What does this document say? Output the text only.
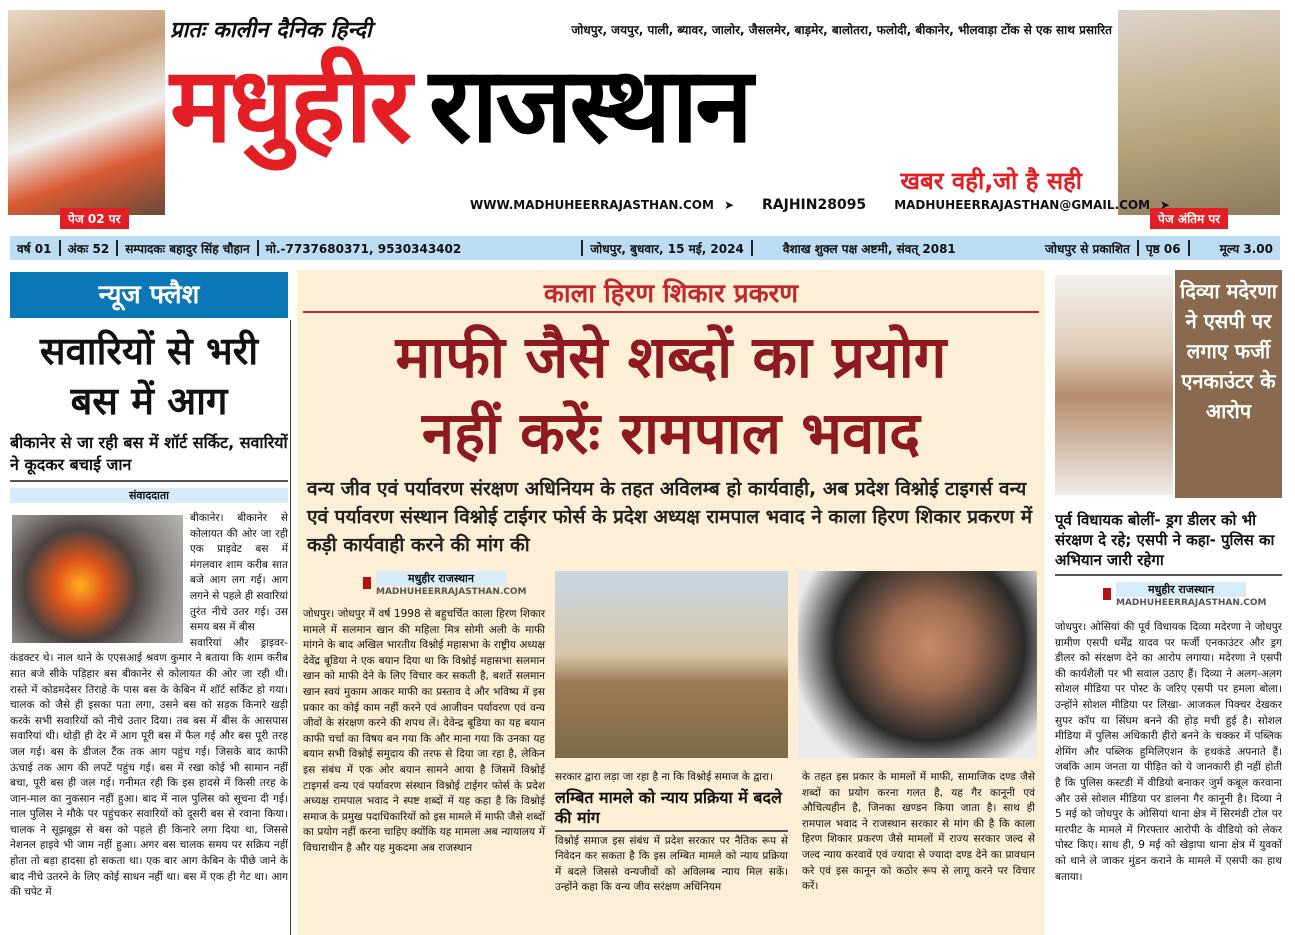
पेज 02 पर	पेज अंतिम पर
प्रातः कालीन दैनिक हिन्दी	जोधपुर, जयपुर, पाली, ब्यावर, जालोर, जैसलमेर, बाड़मेर, बालोतरा, फलोदी, बीकानेर, भीलवाड़ा टोंक से एक साथ प्रसारित
मधुहीर राजस्थान
खबर वही,जो है सही
WWW.MADHUHEERRAJASTHAN.COM ➤ RAJHIN28095 MADHUHEERRAJASTHAN@GMAIL.COM ➤
वर्ष 01	अंकः 52	सम्पादकः बहादुर सिंह चौहान	मो.-7737680371, 9530343402	जोधपुर, बुधवार, 15 मई, 2024	वैशाख शुक्ल पक्ष अष्टमी, संवत् 2081	जोधपुर से प्रकाशित	पृष्ठ 06	मूल्य 3.00
न्यूज फ्लैश
सवारियों से भरी बस में आग
बीकानेर से जा रही बस में शॉर्ट सर्किट, सवारियों ने कूदकर बचाई जान
संवाददाता

बीकानेर। बीकानेर से कोलायत की ओर जा रही एक प्राइवेट बस में मंगलवार शाम करीब सात बजे आग लग गई। आग लगने से पहले ही सवारियां तुरंत नीचे उतर गई। उस समय बस में बीस

सवारियां और ड्राइवर-कंडक्टर थे। नाल थाने के एएसआई श्रवण कुमार ने बताया कि शाम करीब सात बजे सीके पड़िहार बस बीकानेर से कोलायत की ओर जा रही थी। रास्ते में कोडमदेसर तिराहे के पास बस के केबिन में शॉर्ट सर्किट हो गया। चालक को जैसे ही इसका पता लगा, उसने बस को सड़क किनारे खड़ी करके सभी सवारियों को नीचे उतार दिया। तब बस में बीस के आसपास सवारियां थी। थोड़ी ही देर में आग पूरी बस में फैल गई और बस पूरी तरह जल गई। बस के डीजल टैंक तक आग पहुंच गई। जिसके बाद काफी ऊंचाई तक आग की लपटें पहुंच गई। बस में रखा कोई भी सामान नहीं बचा, पूरी बस ही जल गई। गनीमत रही कि इस हादसे में किसी तरह के जान-माल का नुकसान नहीं हुआ। बाद में नाल पुलिस को सूचना दी गई। नाल पुलिस ने मौके पर पहुंचकर सवारियों को दूसरी बस से रवाना किया। चालक ने सूझबूझ से बस को पहले ही किनारे लगा दिया था, जिससे नेशनल हाइवे भी जाम नहीं हुआ। अगर बस चालक समय पर सक्रिय नहीं होता तो बड़ा हादसा हो सकता था। एक बार आग केबिन के पीछे जाने के बाद नीचे उतरने के लिए कोई साधन नहीं था। बस में एक ही गेट था। आग की चपेट में

काला हिरण शिकार प्रकरण
माफी जैसे शब्दों का प्रयोग
नहीं करेंः रामपाल भवाद
वन्य जीव एवं पर्यावरण संरक्षण अधिनियम के तहत अविलम्ब हो कार्यवाही, अब प्रदेश विश्नोई टाइगर्स वन्य एवं पर्यावरण संस्थान विश्नोई टाईगर फोर्स के प्रदेश अध्यक्ष रामपाल भवाद ने काला हिरण शिकार प्रकरण में कड़ी कार्यवाही करने की मांग की
मधुहीर राजस्थान
MADHUHEERRAJASTHAN.COM

जोधपुर। जोधपुर में वर्ष 1998 से बहुचर्चित काला हिरण शिकार मामले में सलमान खान की महिला मित्र सोमी अली के माफी मांगने के बाद अखिल भारतीय विश्नोई महासभा के राष्ट्रीय अध्यक्ष देवेंद्र बूडिया ने एक बयान दिया था कि विश्नोई महासभा सलमान खान को माफी देने के लिए विचार कर सकती है, बशर्ते सलमान खान स्वयं मुकाम आकर माफी का प्रस्ताव दे और भविष्य में इस प्रकार का कोई काम नहीं करने एवं आजीवन पर्यावरण एवं वन्य जीवों के संरक्षण करने की शपथ लें। देवेन्द्र बूडिया का यह बयान काफी चर्चा का विषय बन गया कि और माना गया कि उनका यह बयान सभी विश्नोई समुदाय की तरफ से दिया जा रहा है, लेकिन इस संबंध में एक ओर बयान सामने आया है जिसमें विश्नोई टाइगर्स वन्य एवं पर्यावरण संस्थान विश्नोई टाईगर फोर्स के प्रदेश अध्यक्ष रामपाल भवाद ने स्पष्ट शब्दों में यह कहा है कि विश्नोई समाज के प्रमुख पदाधिकारियों को इस मामले में माफी जैसे शब्दों का प्रयोग नहीं करना चाहिए क्योंकि यह मामला अब न्यायालय में विचाराधीन है और यह मुकदमा अब राजस्थान

सरकार द्वारा लड़ा जा रहा है ना कि विश्नोई समाज के द्वारा।

लम्बित मामले को न्याय प्रक्रिया में बदले की मांग

विश्नोई समाज इस संबंध में प्रदेश सरकार पर नैतिक रूप से निवेदन कर सकता है कि इस लम्बित मामले को न्याय प्रक्रिया में बदले जिससे वन्यजीवों को अविलम्ब न्याय मिल सकें। उन्होंने कहा कि वन्य जीव सरंक्षण अधिनियम

के तहत इस प्रकार के मामलों में माफी, सामाजिक दण्ड जैसे शब्दों का प्रयोग करना गलत है, यह गैर कानूनी एवं औचित्यहीन है, जिनका खण्डन किया जाता है। साथ ही रामपाल भवाद ने राजस्थान सरकार से मांग की है कि काला हिरण शिकार प्रकरण जैसे मामलों में राज्य सरकार जल्द से जल्द न्याय करवावें एवं ज्यादा से ज्यादा दण्ड देने का प्रावधान करे एवं इस कानून को कठोर रूप से लागू करने पर विचार करें।

दिव्या मदेरणा ने एसपी पर लगाए फर्जी एनकाउंटर के आरोप
पूर्व विधायक बोलीं- ड्रग डीलर को भी संरक्षण दे रहे; एसपी ने कहा- पुलिस का अभियान जारी रहेगा
मधुहीर राजस्थान
MADHUHEERRAJASTHAN.COM

जोधपुर। ओसियां की पूर्व विधायक दिव्या मदेरणा ने जोधपुर ग्रामीण एसपी धर्मेंद्र यादव पर फर्जी एनकाउंटर और ड्रग डीलर को संरक्षण देने का आरोप लगाया। मदेरणा ने एसपी की कार्यशैली पर भी सवाल उठाए हैं। दिव्या ने अलग-अलग सोशल मीडिया पर पोस्ट के जरिए एसपी पर हमला बोला। उन्होंने सोशल मीडिया पर लिखा- आजकल पिक्चर देखकर सुपर कॉप या सिंघम बनने की होड़ मची हुई है। सोशल मीडिया में पुलिस अधिकारी हीरो बनने के चक्कर में पब्लिक शेमिंग और पब्लिक हुमिलिएशन के हथकंडे अपनाते हैं। जबकि आम जनता या पीड़ित को ये जानकारी ही नहीं होती है कि पुलिस कस्टडी में वीडियो बनाकर जुर्म कबूल करवाना और उसे सोशल मीडिया पर डालना गैर कानूनी है। दिव्या ने 5 मई को जोधपुर के ओसियां थाना क्षेत्र में सिरमंडी टोल पर मारपीट के मामले में गिरफ्तार आरोपी के वीडियो को लेकर पोस्ट किए। साथ ही, 9 मई को खेड़ापा थाना क्षेत्र में युवकों को थाने ले जाकर मुंडन कराने के मामले में एसपी का हाथ बताया।
